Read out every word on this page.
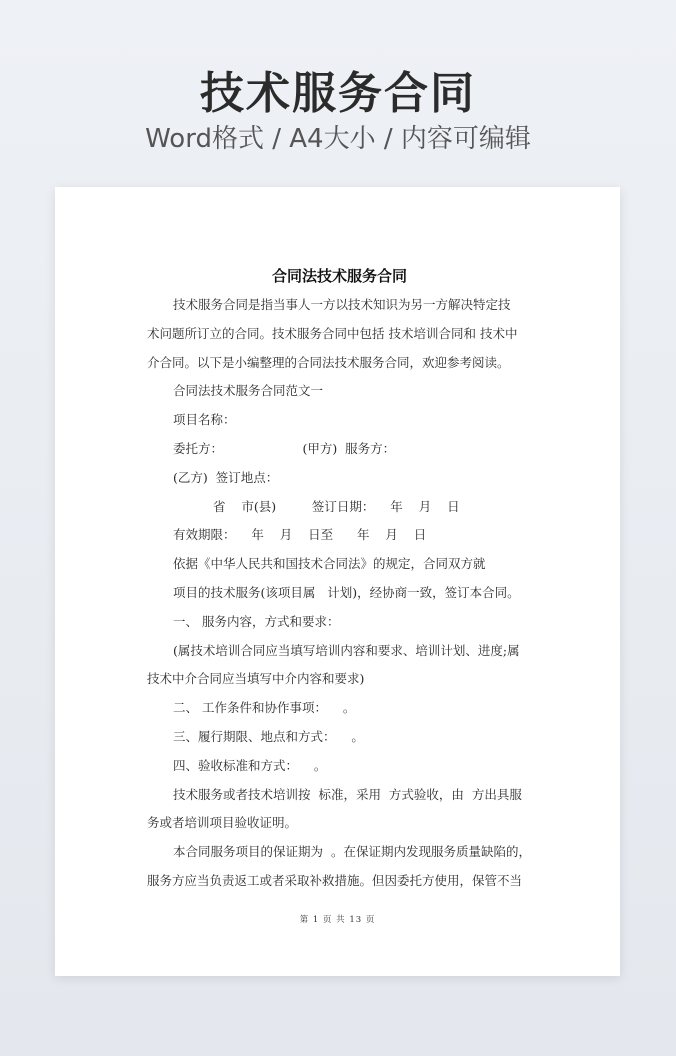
技术服务合同
Word格式 / A4大小 / 内容可编辑
合同法技术服务合同
技术服务合同是指当事人一方以技术知识为另一方解决特定技
术问题所订立的合同。技术服务合同中包括 技术培训合同和 技术中
介合同。以下是小编整理的合同法技术服务合同，欢迎参考阅读。
合同法技术服务合同范文一
项目名称：
委托方：                    (甲方)  服务方：
(乙方)  签订地点：
省    市(县)         签订日期：    年    月    日
有效期限：    年    月    日至      年    月    日
依据《中华人民共和国技术合同法》的规定，合同双方就
项目的技术服务(该项目属   计划)，经协商一致，签订本合同。
一、 服务内容，方式和要求：
(属技术培训合同应当填写培训内容和要求、培训计划、进度;属
技术中介合同应当填写中介内容和要求)
二、 工作条件和协作事项：    。
三、履行期限、地点和方式：    。
四、验收标准和方式：    。
技术服务或者技术培训按  标准，采用  方式验收，由  方出具服
务或者培训项目验收证明。
本合同服务项目的保证期为  。在保证期内发现服务质量缺陷的，
服务方应当负责返工或者采取补救措施。但因委托方使用，保管不当
第 1 页 共 13 页
